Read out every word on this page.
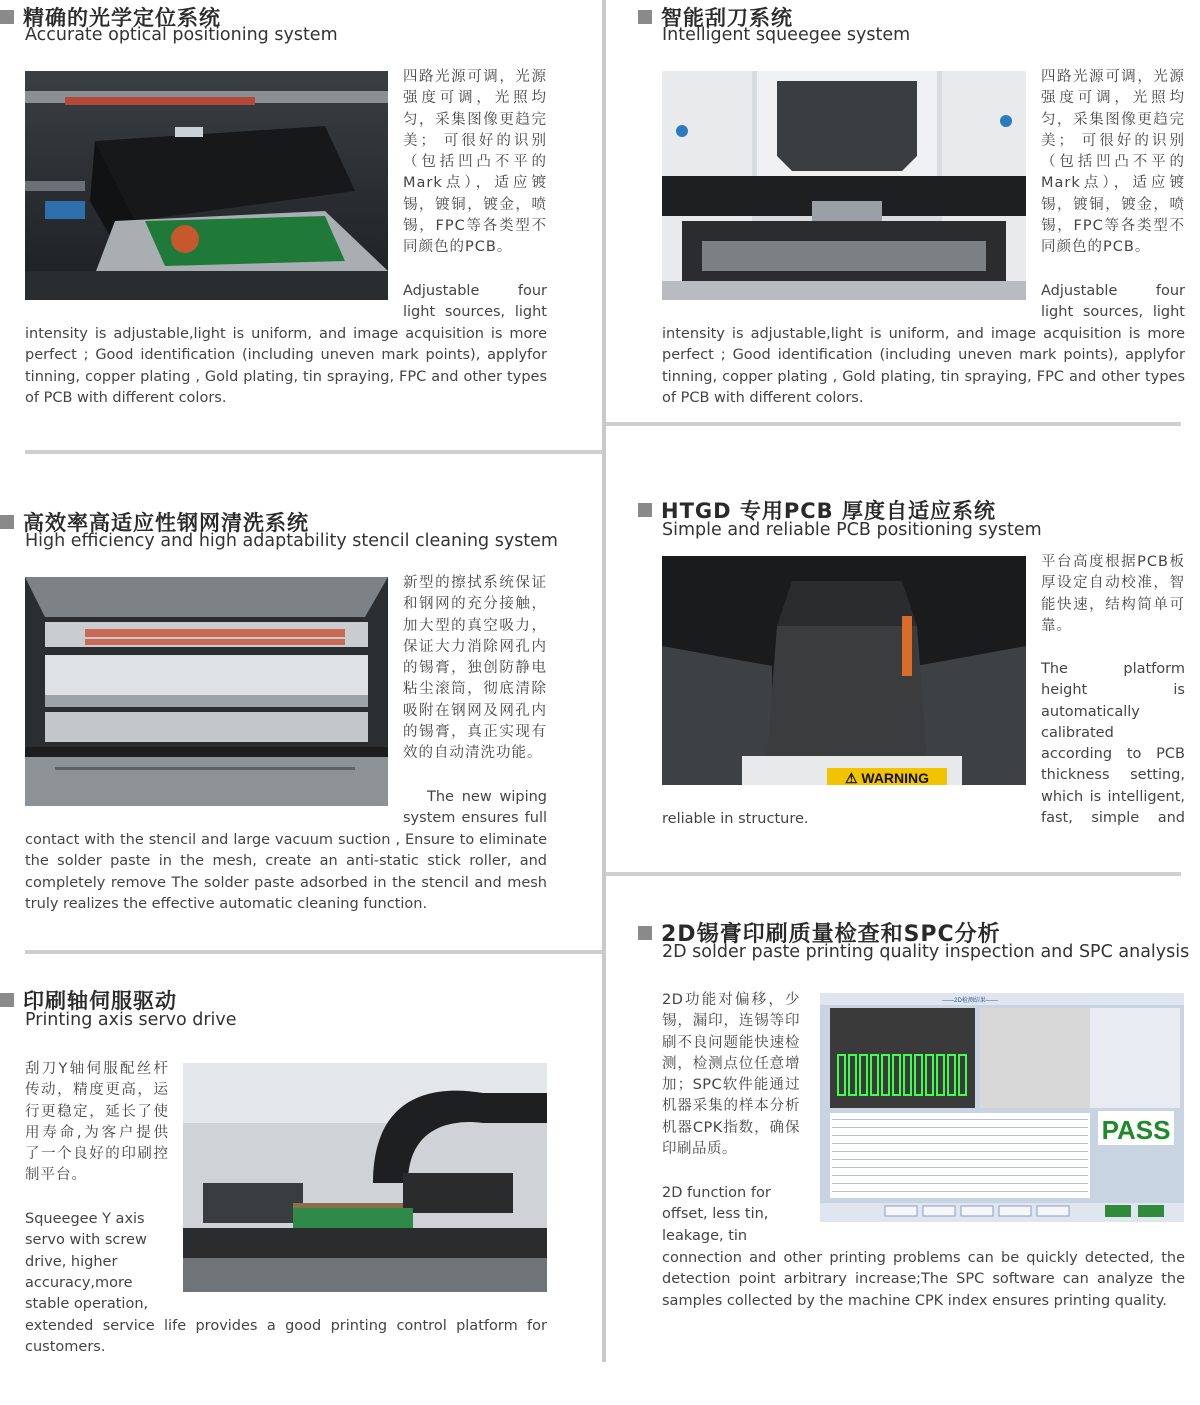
精确的光学定位系统
Accurate optical positioning system
四路光源可调，光源强度可调，光照均匀，采集图像更趋完美； 可很好的识别（包括凹凸不平的Mark点），适应镀锡，镀铜，镀金，喷锡，FPC等各类型不同颜色的PCB。
Adjustable four light sources, light
intensity is adjustable,light is uniform, and image acquisition is more perfect ; Good identification (including uneven mark points), applyfor tinning, copper plating , Gold plating, tin spraying, FPC and other types of PCB with different colors.
智能刮刀系统
Intelligent squeegee system
四路光源可调，光源强度可调，光照均匀，采集图像更趋完美； 可很好的识别（包括凹凸不平的Mark点），适应镀锡，镀铜，镀金，喷锡，FPC等各类型不同颜色的PCB。
Adjustable four light sources, light
intensity is adjustable,light is uniform, and image acquisition is more perfect ; Good identification (including uneven mark points), applyfor tinning, copper plating , Gold plating, tin spraying, FPC and other types of PCB with different colors.
高效率高适应性钢网清洗系统
High efficiency and high adaptability stencil cleaning system
新型的擦拭系统保证和钢网的充分接触，加大型的真空吸力，保证大力消除网孔内的锡膏，独创防静电粘尘滚筒，彻底清除吸附在钢网及网孔内的锡膏，真正实现有效的自动清洗功能。
The new wiping system ensures full
contact with the stencil and large vacuum suction , Ensure to eliminate the solder paste in the mesh, create an anti-static stick roller, and completely remove The solder paste adsorbed in the stencil and mesh truly realizes the effective automatic cleaning function.
HTGD 专用PCB 厚度自适应系统
Simple and reliable PCB positioning system
⚠ WARNING
平台高度根据PCB板厚设定自动校准，智能快速，结构简单可靠。
The platform height is automatically calibrated according to PCB thickness setting, which is intelligent, fast, simple and
reliable in structure.
印刷轴伺服驱动
Printing axis servo drive
刮刀Y轴伺服配丝杆传动，精度更高，运行更稳定，延长了使用寿命,为客户提供了一个良好的印刷控制平台。
Squeegee Y axis servo with screw drive, higher accuracy,more stable operation,
extended service life provides a good printing control platform for customers.
2D锡膏印刷质量检查和SPC分析
2D solder paste printing quality inspection and SPC analysis
2D功能对偏移，少锡，漏印，连锡等印刷不良问题能快速检测，检测点位任意增加；SPC软件能通过机器采集的样本分析机器CPK指数，确保印刷品质。
2D function for offset, less tin, leakage, tin
——2D检测结果——
PASS
connection and other printing problems can be quickly detected, the detection point arbitrary increase;The SPC software can analyze the samples collected by the machine CPK index ensures printing quality.
